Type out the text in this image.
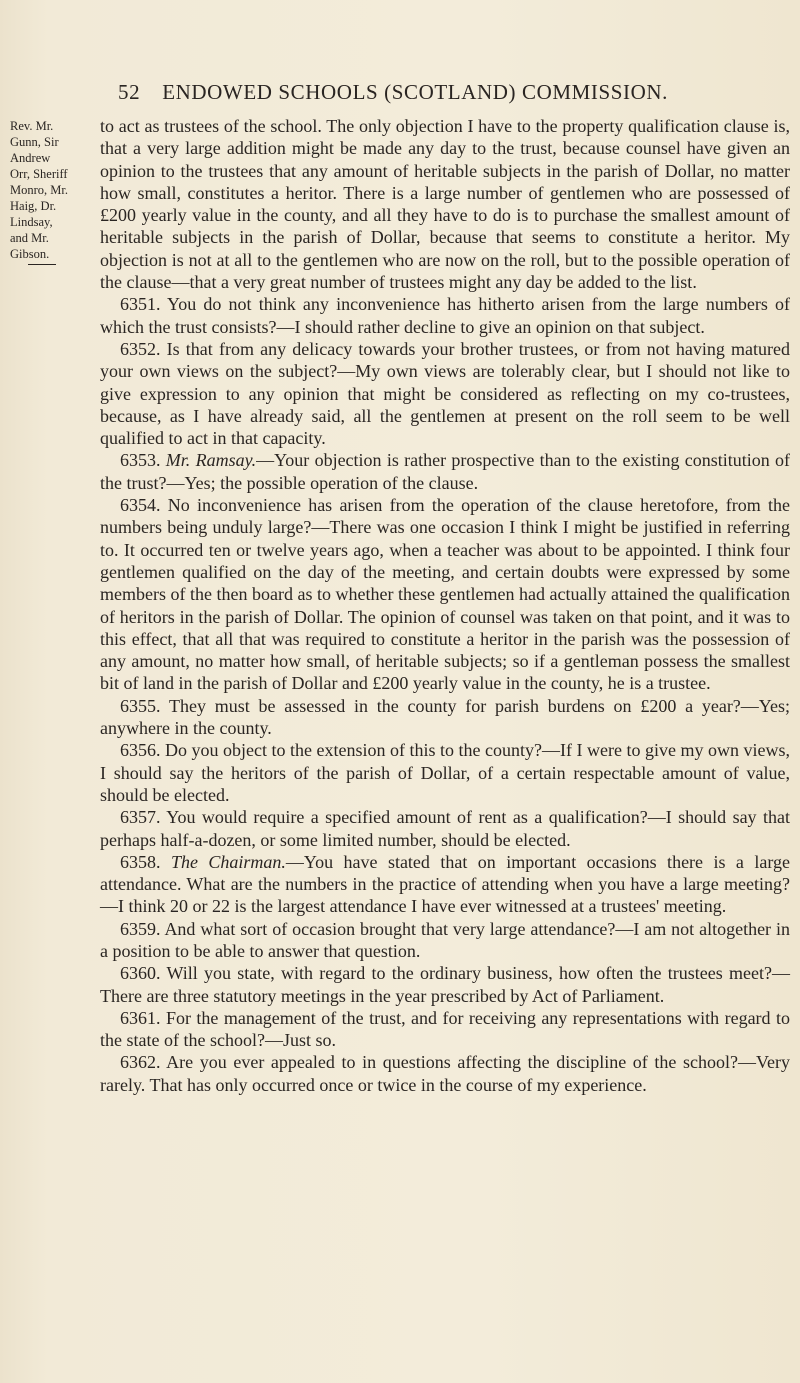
52 ENDOWED SCHOOLS (SCOTLAND) COMMISSION.
Rev. Mr.
Gunn, Sir
Andrew
Orr, Sheriff
Monro, Mr.
Haig, Dr.
Lindsay,
and Mr.
Gibson.

to act as trustees of the school. The only objection I have to the property qualification clause is, that a very large addition might be made any day to the trust, because counsel have given an opinion to the trustees that any amount of heritable subjects in the parish of Dollar, no matter how small, constitutes a heritor. There is a large number of gentlemen who are possessed of £200 yearly value in the county, and all they have to do is to purchase the smallest amount of heritable subjects in the parish of Dollar, because that seems to constitute a heritor. My objection is not at all to the gentlemen who are now on the roll, but to the possible operation of the clause—that a very great number of trustees might any day be added to the list.

6351. You do not think any inconvenience has hitherto arisen from the large numbers of which the trust consists?—I should rather decline to give an opinion on that subject.

6352. Is that from any delicacy towards your brother trustees, or from not having matured your own views on the subject?—My own views are tolerably clear, but I should not like to give expression to any opinion that might be considered as reflecting on my co-trustees, because, as I have already said, all the gentlemen at present on the roll seem to be well qualified to act in that capacity.

6353. Mr. Ramsay.—Your objection is rather prospective than to the existing constitution of the trust?—Yes; the possible operation of the clause.

6354. No inconvenience has arisen from the operation of the clause heretofore, from the numbers being unduly large?—There was one occasion I think I might be justified in referring to. It occurred ten or twelve years ago, when a teacher was about to be appointed. I think four gentlemen qualified on the day of the meeting, and certain doubts were expressed by some members of the then board as to whether these gentlemen had actually attained the qualification of heritors in the parish of Dollar. The opinion of counsel was taken on that point, and it was to this effect, that all that was required to constitute a heritor in the parish was the possession of any amount, no matter how small, of heritable subjects; so if a gentleman possess the smallest bit of land in the parish of Dollar and £200 yearly value in the county, he is a trustee.

6355. They must be assessed in the county for parish burdens on £200 a year?—Yes; anywhere in the county.

6356. Do you object to the extension of this to the county?—If I were to give my own views, I should say the heritors of the parish of Dollar, of a certain respectable amount of value, should be elected.

6357. You would require a specified amount of rent as a qualification?—I should say that perhaps half-a-dozen, or some limited number, should be elected.

6358. The Chairman.—You have stated that on important occasions there is a large attendance. What are the numbers in the practice of attending when you have a large meeting?—I think 20 or 22 is the largest attendance I have ever witnessed at a trustees' meeting.

6359. And what sort of occasion brought that very large attendance?—I am not altogether in a position to be able to answer that question.

6360. Will you state, with regard to the ordinary business, how often the trustees meet?—There are three statutory meetings in the year prescribed by Act of Parliament.

6361. For the management of the trust, and for receiving any representations with regard to the state of the school?—Just so.

6362. Are you ever appealed to in questions affecting the discipline of the school?—Very rarely. That has only occurred once or twice in the course of my experience.
